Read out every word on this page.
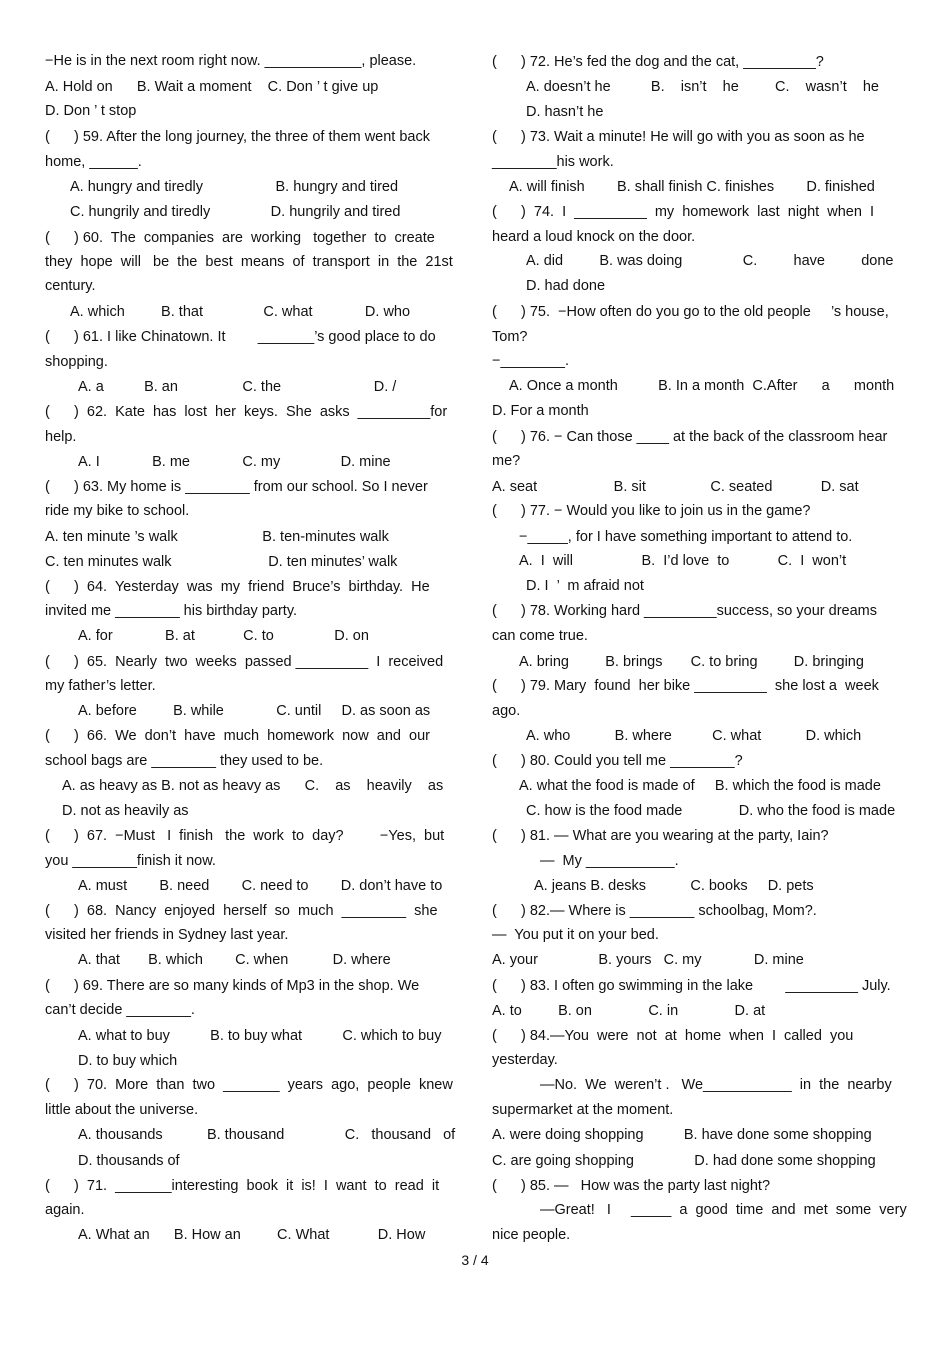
−He is in the next room right now. ____________, please.
A. Hold on      B. Wait a moment    C. Don ’ t give up
D. Don ’ t stop
(      ) 59. After the long journey, the three of them went back
home, ______.
A. hungry and tiredly                  B. hungry and tired
C. hungrily and tiredly               D. hungrily and tired
(      ) 60.  The  companies  are  working   together  to  create
they  hope  will   be  the  best  means  of  transport  in  the  21st
century.
A. which         B. that               C. what             D. who
(      ) 61. I like Chinatown. It        _______’s good place to do
shopping.
A. a          B. an                C. the                       D. /
(      )  62.  Kate  has  lost  her  keys.  She  asks  _________for
help.
A. I             B. me             C. my               D. mine
(      ) 63. My home is ________ from our school. So I never
ride my bike to school.
A. ten minute ’s walk                     B. ten-minutes walk
C. ten minutes walk                        D. ten minutes’ walk
(      )  64.  Yesterday  was  my  friend  Bruce’s  birthday.  He
invited me ________ his birthday party.
A. for             B. at            C. to               D. on
(      )  65.  Nearly  two  weeks  passed _________  I  received
my father’s letter.
A. before         B. while             C. until     D. as soon as
(      )  66.  We  don’t  have  much  homework  now  and  our
school bags are ________ they used to be.
A. as heavy as B. not as heavy as      C.    as    heavily    as
D. not as heavily as
(      )  67.  −Must   I  finish   the  work  to  day?         −Yes,  but
you ________finish it now.
A. must        B. need        C. need to        D. don’t have to
(      )  68.  Nancy  enjoyed  herself  so  much  ________  she
visited her friends in Sydney last year.
A. that       B. which        C. when           D. where
(      ) 69. There are so many kinds of Mp3 in the shop. We
can’t decide ________.
A. what to buy          B. to buy what          C. which to buy
D. to buy which
(      )  70.  More  than  two  _______  years  ago,  people  knew
little about the universe.
A. thousands           B. thousand               C.   thousand   of
D. thousands of
(      )  71.  _______interesting  book  it  is!  I  want  to  read  it
again.
A. What an      B. How an         C. What            D. How
(      ) 72. He’s fed the dog and the cat, _________?
A. doesn’t he          B.    isn’t    he         C.    wasn’t    he
D. hasn’t he
(      ) 73. Wait a minute! He will go with you as soon as he
________his work.
A. will finish        B. shall finish C. finishes        D. finished
(      )  74.  I  _________  my  homework  last  night  when  I
heard a loud knock on the door.
A. did         B. was doing               C.         have         done
D. had done
(      ) 75.  −How often do you go to the old people     ’s house,
Tom?
−________.
A. Once a month          B. In a month  C.After      a      month
D. For a month
(      ) 76. − Can those ____ at the back of the classroom hear
me?
A. seat                   B. sit                C. seated            D. sat
(      ) 77. − Would you like to join us in the game?
−_____, for I have something important to attend to.
A.  I  will                 B.  I’d love  to            C.  I  won’t
D. I  ’  m afraid not
(      ) 78. Working hard _________success, so your dreams
can come true.
A. bring         B. brings       C. to bring         D. bringing
(      ) 79. Mary  found  her bike _________  she lost a  week
ago.
A. who           B. where          C. what           D. which
(      ) 80. Could you tell me ________?
A. what the food is made of     B. which the food is made
C. how is the food made              D. who the food is made
(      ) 81. — What are you wearing at the party, Iain?
—  My ___________.
A. jeans B. desks           C. books     D. pets
(      ) 82.— Where is ________ schoolbag, Mom?.
—  You put it on your bed.
A. your               B. yours   C. my             D. mine
(      ) 83. I often go swimming in the lake        _________ July.
A. to         B. on              C. in              D. at
(      ) 84.—You  were  not  at  home  when  I  called  you
yesterday.
—No.  We  weren’t .   We___________  in  the  nearby
supermarket at the moment.
A. were doing shopping          B. have done some shopping
C. are going shopping               D. had done some shopping
(      ) 85. —   How was the party last night?
—Great!   I     _____  a  good  time  and  met  some  very
nice people.
3 / 4
